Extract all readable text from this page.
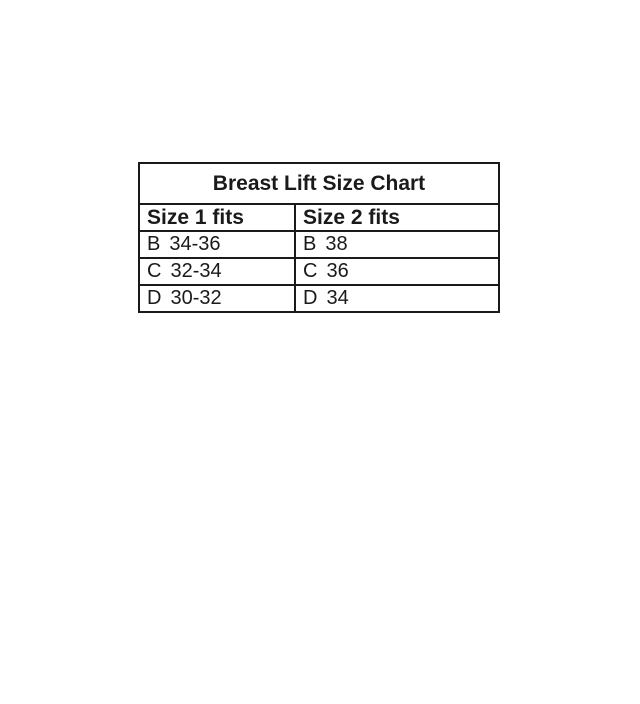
Breast Lift Size Chart	
Size 1 fits	Size 2 fits
B 34-36	B 38
C 32-34	C 36
D 30-32	D 34
